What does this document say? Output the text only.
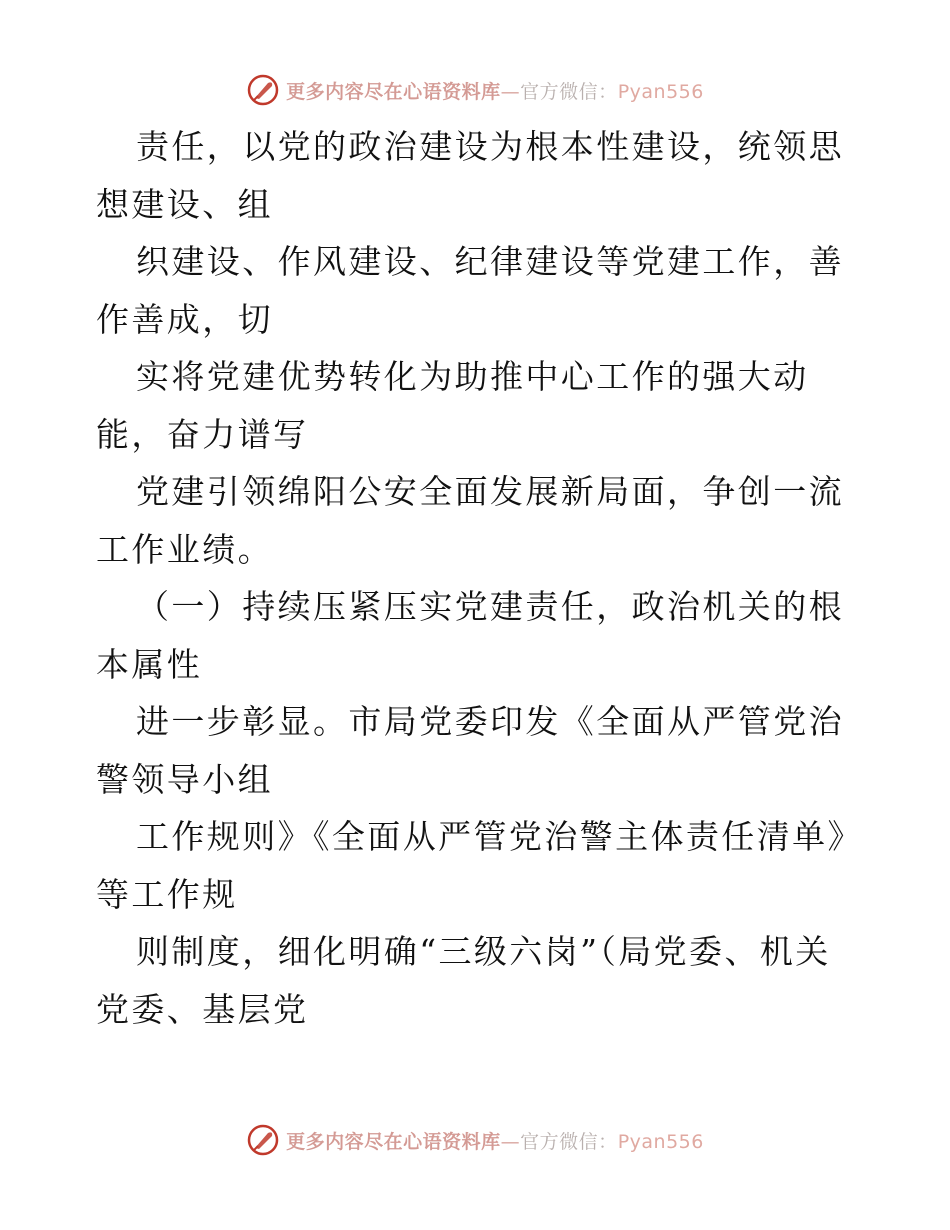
更多内容尽在心语资料库—官方微信：Pyan556

责任，以党的政治建设为根本性建设，统领思想建设、组

织建设、作风建设、纪律建设等党建工作，善作善成，切

实将党建优势转化为助推中心工作的强大动能，奋力谱写

党建引领绵阳公安全面发展新局面，争创一流工作业绩。

（一）持续压紧压实党建责任，政治机关的根本属性

进一步彰显。市局党委印发《全面从严管党治警领导小组

工作规则》《全面从严管党治警主体责任清单》等工作规

则制度，细化明确“三级六岗”（局党委、机关党委、基层党

更多内容尽在心语资料库—官方微信：Pyan556
